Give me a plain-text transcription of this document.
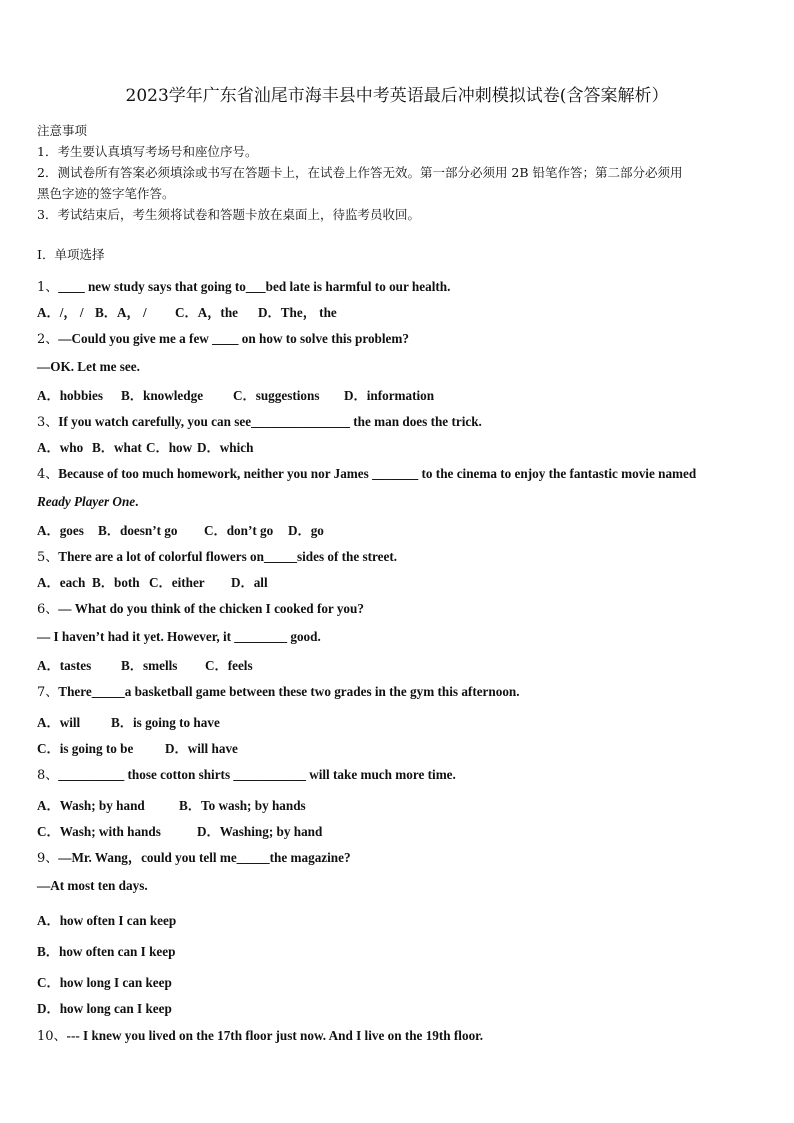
2023学年广东省汕尾市海丰县中考英语最后冲刺模拟试卷(含答案解析）
注意事项
1．考生要认真填写考场号和座位序号。
2．测试卷所有答案必须填涂或书写在答题卡上，在试卷上作答无效。第一部分必须用 2B 铅笔作答；第二部分必须用
黑色字迹的签字笔作答。
3．考试结束后，考生须将试卷和答题卡放在桌面上，待监考员收回。
Ⅰ．单项选择
1、____ new study says that going to___bed late is harmful to our health.
A．/， / B．A， / C．A，the D．The， the
2、—Could you give me a few ____ on how to solve this problem?
—OK. Let me see.
A．hobbies B．knowledge C．suggestions D．information
3、If you watch carefully, you can see_______________ the man does the trick.
A．who B．what C．how D．which
4、Because of too much homework, neither you nor James _______ to the cinema to enjoy the fantastic movie named
Ready Player One.
A．goes B．doesn’t go C．don’t go D．go
5、There are a lot of colorful flowers on_____sides of the street.
A．each B．both C．either D．all
6、— What do you think of the chicken I cooked for you?
— I haven’t had it yet. However, it ________ good.
A．tastes B．smells C．feels
7、There_____a basketball game between these two grades in the gym this afternoon.
A．will B．is going to have
C．is going to be D．will have
8、__________ those cotton shirts ___________ will take much more time.
A．Wash; by hand	B．To wash; by hands
C．Wash; with hands	D．Washing; by hand
9、—Mr. Wang，could you tell me_____the magazine?
—At most ten days.
A．how often I can keep
B．how often can I keep
C．how long I can keep
D．how long can I keep
10、--- I knew you lived on the 17th floor just now. And I live on the 19th floor.
